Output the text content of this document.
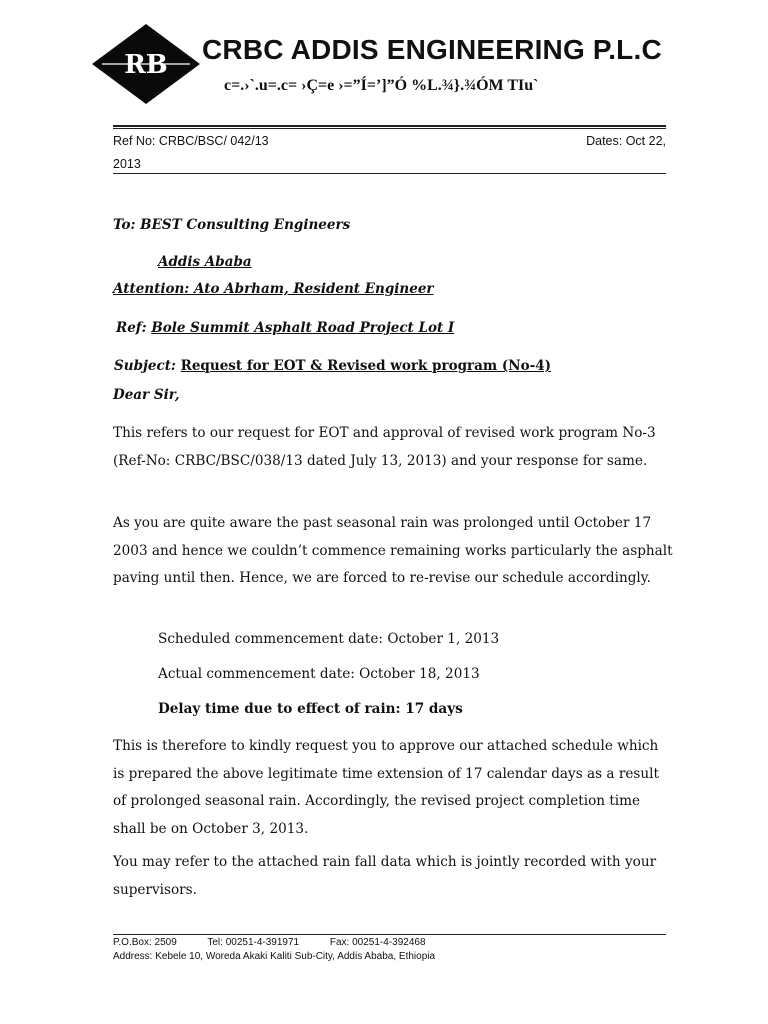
RB CRBC ADDIS ENGINEERING P.L.C
c=.›`.u=.c= ›Ç=e ›=”Í=’]”Ó %L.¾}.¾ÓM TIu`
Ref No: CRBC/BSC/ 042/13	Dates: Oct 22,
2013
To: BEST Consulting Engineers
Addis Ababa
Attention: Ato Abrham, Resident Engineer
Ref: Bole Summit Asphalt Road Project Lot I
Subject: Request for EOT & Revised work program (No-4)
Dear Sir,
This refers to our request for EOT and approval of revised work program No-3 (Ref-No: CRBC/BSC/038/13 dated July 13, 2013) and your response for same.
As you are quite aware the past seasonal rain was prolonged until October 17 2003 and hence we couldn’t commence remaining works particularly the asphalt paving until then. Hence, we are forced to re-revise our schedule accordingly.
Scheduled commencement date: October 1, 2013
Actual commencement date: October 18, 2013
Delay time due to effect of rain: 17 days
This is therefore to kindly request you to approve our attached schedule which is prepared the above legitimate time extension of 17 calendar days as a result of prolonged seasonal rain. Accordingly, the revised project completion time shall be on October 3, 2013.
You may refer to the attached rain fall data which is jointly recorded with your supervisors.
P.O.Box: 2509	Tel: 00251-4-391971	Fax: 00251-4-392468
Address: Kebele 10, Woreda Akaki Kaliti Sub-City, Addis Ababa, Ethiopia
